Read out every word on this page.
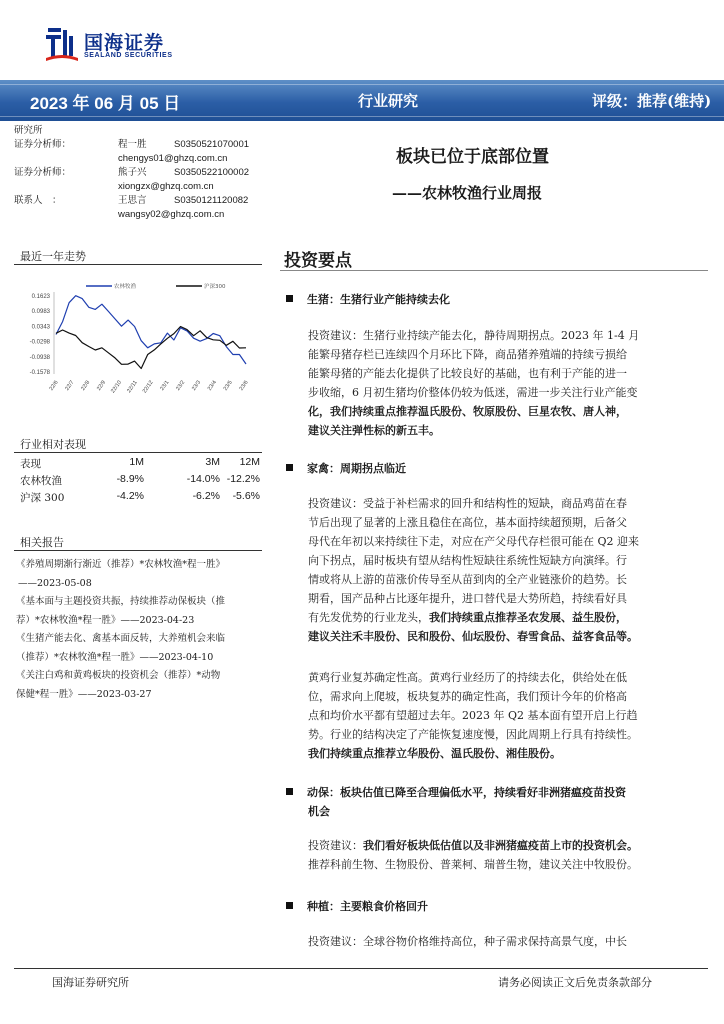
国海证券
SEALAND SECURITIES
2023 年 06 月 05 日	行业研究	评级：推荐(维持)
研究所
证券分析师：	程一胜	S0350521070001
chengys01@ghzq.com.cn
证券分析师：	熊子兴	S0350522100002
xiongzx@ghzq.com.cn
联系人　：	王思言	S0350121120082
wangsy02@ghzq.com.cn
板块已位于底部位置
——农林牧渔行业周报
最近一年走势
农林牧渔	沪深300
0.1623
0.0983
0.0343
-0.0298
-0.0938
-0.1578
22/6 22/7 22/8 22/9 22/10 22/11 22/12 23/1 23/2 23/3 23/4 23/5 23/6
行业相对表现
表现	1M	3M	12M
农林牧渔	-8.9%	-14.0% -12.2%
沪深 300	-4.2%	-6.2%	-5.6%
相关报告
《养殖周期渐行渐近（推荐）*农林牧渔*程一胜》
——2023-05-08
《基本面与主题投资共振，持续推荐动保板块（推
荐）*农林牧渔*程一胜》——2023-04-23
《生猪产能去化、禽基本面反转，大养殖机会来临
（推荐）*农林牧渔*程一胜》——2023-04-10
《关注白鸡和黄鸡板块的投资机会（推荐）*动物
保健*程一胜》——2023-03-27
投资要点
生猪：生猪行业产能持续去化
投资建议：生猪行业持续产能去化，静待周期拐点。2023 年 1-4 月
能繁母猪存栏已连续四个月环比下降，商品猪养殖端的持续亏损给
能繁母猪的产能去化提供了比较良好的基础，也有利于产能的进一
步收缩，6 月初生猪均价整体仍较为低迷，需进一步关注行业产能变
化，我们持续重点推荐温氏股份、牧原股份、巨星农牧、唐人神，
建议关注弹性标的新五丰。
家禽：周期拐点临近
投资建议：受益于补栏需求的回升和结构性的短缺，商品鸡苗在春
节后出现了显著的上涨且稳住在高位，基本面持续超预期，后备父
母代在年初以来持续往下走，对应在产父母代存栏很可能在 Q2 迎来
向下拐点，届时板块有望从结构性短缺往系统性短缺方向演绎。行
情或将从上游的苗涨价传导至从苗到肉的全产业链涨价的趋势。长
期看，国产品种占比逐年提升，进口替代是大势所趋，持续看好具
有先发优势的行业龙头，我们持续重点推荐圣农发展、益生股份，
建议关注禾丰股份、民和股份、仙坛股份、春雪食品、益客食品等。
黄鸡行业复苏确定性高。黄鸡行业经历了的持续去化，供给处在低
位，需求向上爬坡，板块复苏的确定性高，我们预计今年的价格高
点和均价水平都有望超过去年。2023 年 Q2 基本面有望开启上行趋
势。行业的结构决定了产能恢复速度慢，因此周期上行具有持续性。
我们持续重点推荐立华股份、温氏股份、湘佳股份。
动保：板块估值已降至合理偏低水平，持续看好非洲猪瘟疫苗投资
机会
投资建议：我们看好板块低估值以及非洲猪瘟疫苗上市的投资机会。
推荐科前生物、生物股份、普莱柯、瑞普生物，建议关注中牧股份。
种植：主要粮食价格回升
投资建议：全球谷物价格维持高位，种子需求保持高景气度，中长
国海证券研究所	请务必阅读正文后免责条款部分
